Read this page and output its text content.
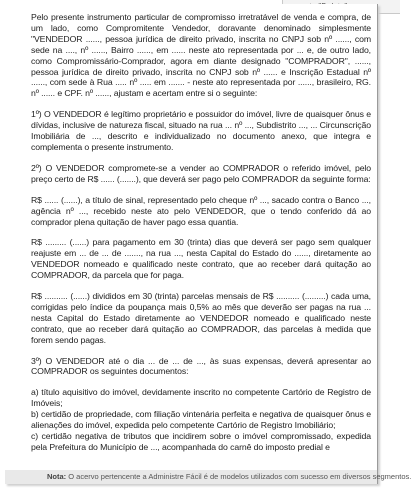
Pelo presente instrumento particular de compromisso irretratável de venda e compra, de um lado, como Compromitente Vendedor, doravante denominado simplesmente "VENDEDOR ......, pessoa jurídica de direito privado, inscrita no CNPJ sob nº ......, com sede na ...., nº ......, Bairro ......, em ...... neste ato representada por ... e, de outro lado, como Compromissário-Comprador, agora em diante designado "COMPRADOR", ......, pessoa jurídica de direito privado, inscrita no CNPJ sob nº ...... e Inscrição Estadual nº ......, com sede à Rua ..... nº ..... em ....... - neste ato representada por ......, brasileiro, RG. nº ...... e CPF. nº ......, ajustam e acertam entre si o seguinte:

1º) O VENDEDOR é legítimo proprietário e possuidor do imóvel, livre de quaisquer ônus e dívidas, inclusive de natureza fiscal, situado na rua ... nº ..., Subdistrito ..., ... Circunscrição Imobiliária de ..., descrito e individualizado no documento anexo, que integra e complementa o presente instrumento.

2º) O VENDEDOR compromete-se a vender ao COMPRADOR o referido imóvel, pelo preço certo de R$ ...... (.......), que deverá ser pago pelo COMPRADOR da seguinte forma:

R$ ...... (......), a título de sinal, representado pelo cheque nº ..., sacado contra o Banco ..., agência nº ..., recebido neste ato pelo VENDEDOR, que o tendo conferido dá ao comprador plena quitação de haver pago essa quantia.

R$ ......... (......) para pagamento em 30 (trinta) dias que deverá ser pago sem qualquer reajuste em ... de ... de ......., na rua ..., nesta Capital do Estado do ......, diretamente ao VENDEDOR nomeado e qualificado neste contrato, que ao receber dará quitação ao COMPRADOR, da parcela que for paga.

R$ .......... (......) divididos em 30 (trinta) parcelas mensais de R$ .......... (.........) cada uma, corrigidas pelo índice da poupança mais 0,5% ao mês que deverão ser pagas na rua ... nesta Capital do Estado diretamente ao VENDEDOR nomeado e qualificado neste contrato, que ao receber dará quitação ao COMPRADOR, das parcelas à medida que forem sendo pagas.

3º) O VENDEDOR até o dia ... de ... de ..., às suas expensas, deverá apresentar ao COMPRADOR os seguintes documentos:

a) título aquisitivo do imóvel, devidamente inscrito no competente Cartório de Registro de Imóveis;

b) certidão de propriedade, com filiação vintenária perfeita e negativa de quaisquer ônus e alienações do imóvel, expedida pelo competente Cartório de Registro Imobiliário;

c) certidão negativa de tributos que incidirem sobre o imóvel compromissado, expedida pela Prefeitura do Município de ..., acompanhada do carnê do imposto predial e

Nota: O acervo pertencente a Administre Fácil é de modelos utilizados com sucesso em diversos segmentos.
